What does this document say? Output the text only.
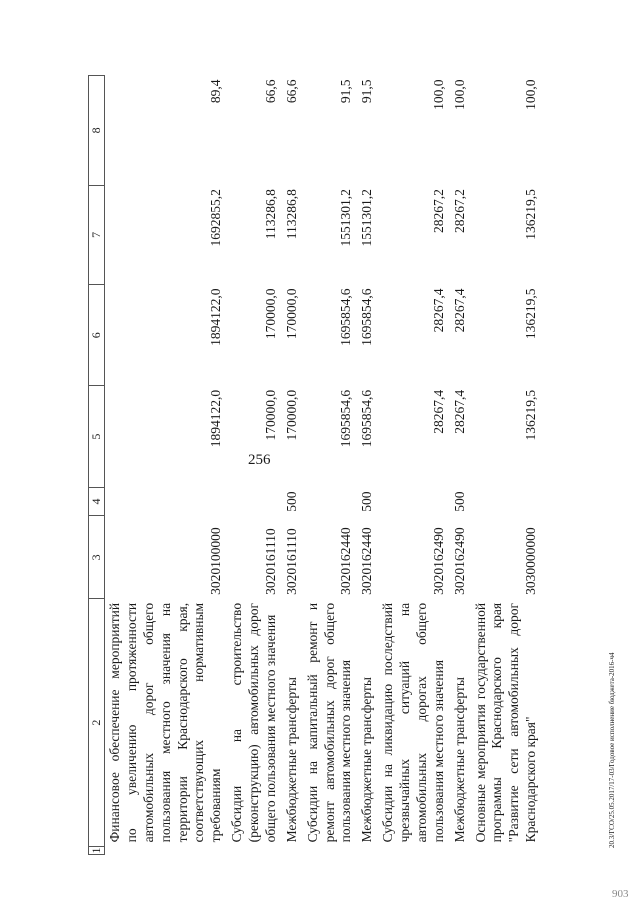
256
1	2	3	4	5	6	7	8
	Финансовое обеспечение мероприятий по увеличению протяженности автомобильных дорог общего пользования местного значения на территории Краснодарского края, соответствующих нормативным требованиям	3020100000		1894122,0	1894122,0	1692855,2	89,4
	Субсидии на строительство (реконструкцию) автомобильных дорог общего пользования местного значения	3020161110		170000,0	170000,0	113286,8	66,6
	Межбюджетные трансферты	3020161110	500	170000,0	170000,0	113286,8	66,6
	Субсидии на капитальный ремонт и ремонт автомобильных дорог общего пользования местного значения	3020162440		1695854,6	1695854,6	1551301,2	91,5
	Межбюджетные трансферты	3020162440	500	1695854,6	1695854,6	1551301,2	91,5
	Субсидии на ликвидацию последствий чрезвычайных ситуаций на автомобильных дорогах общего пользования местного значения	3020162490		28267,4	28267,4	28267,2	100,0
	Межбюджетные трансферты	3020162490	500	28267,4	28267,4	28267,2	100,0
	Основные мероприятия государственной программы Краснодарского края "Развитие сети автомобильных дорог Краснодарского края"	3030000000		136219,5	136219,5	136219,5	100,0
20.3/ГСО/25.05.2017/17-03/Годовое исполнение бюджета-2016-ч4
903
